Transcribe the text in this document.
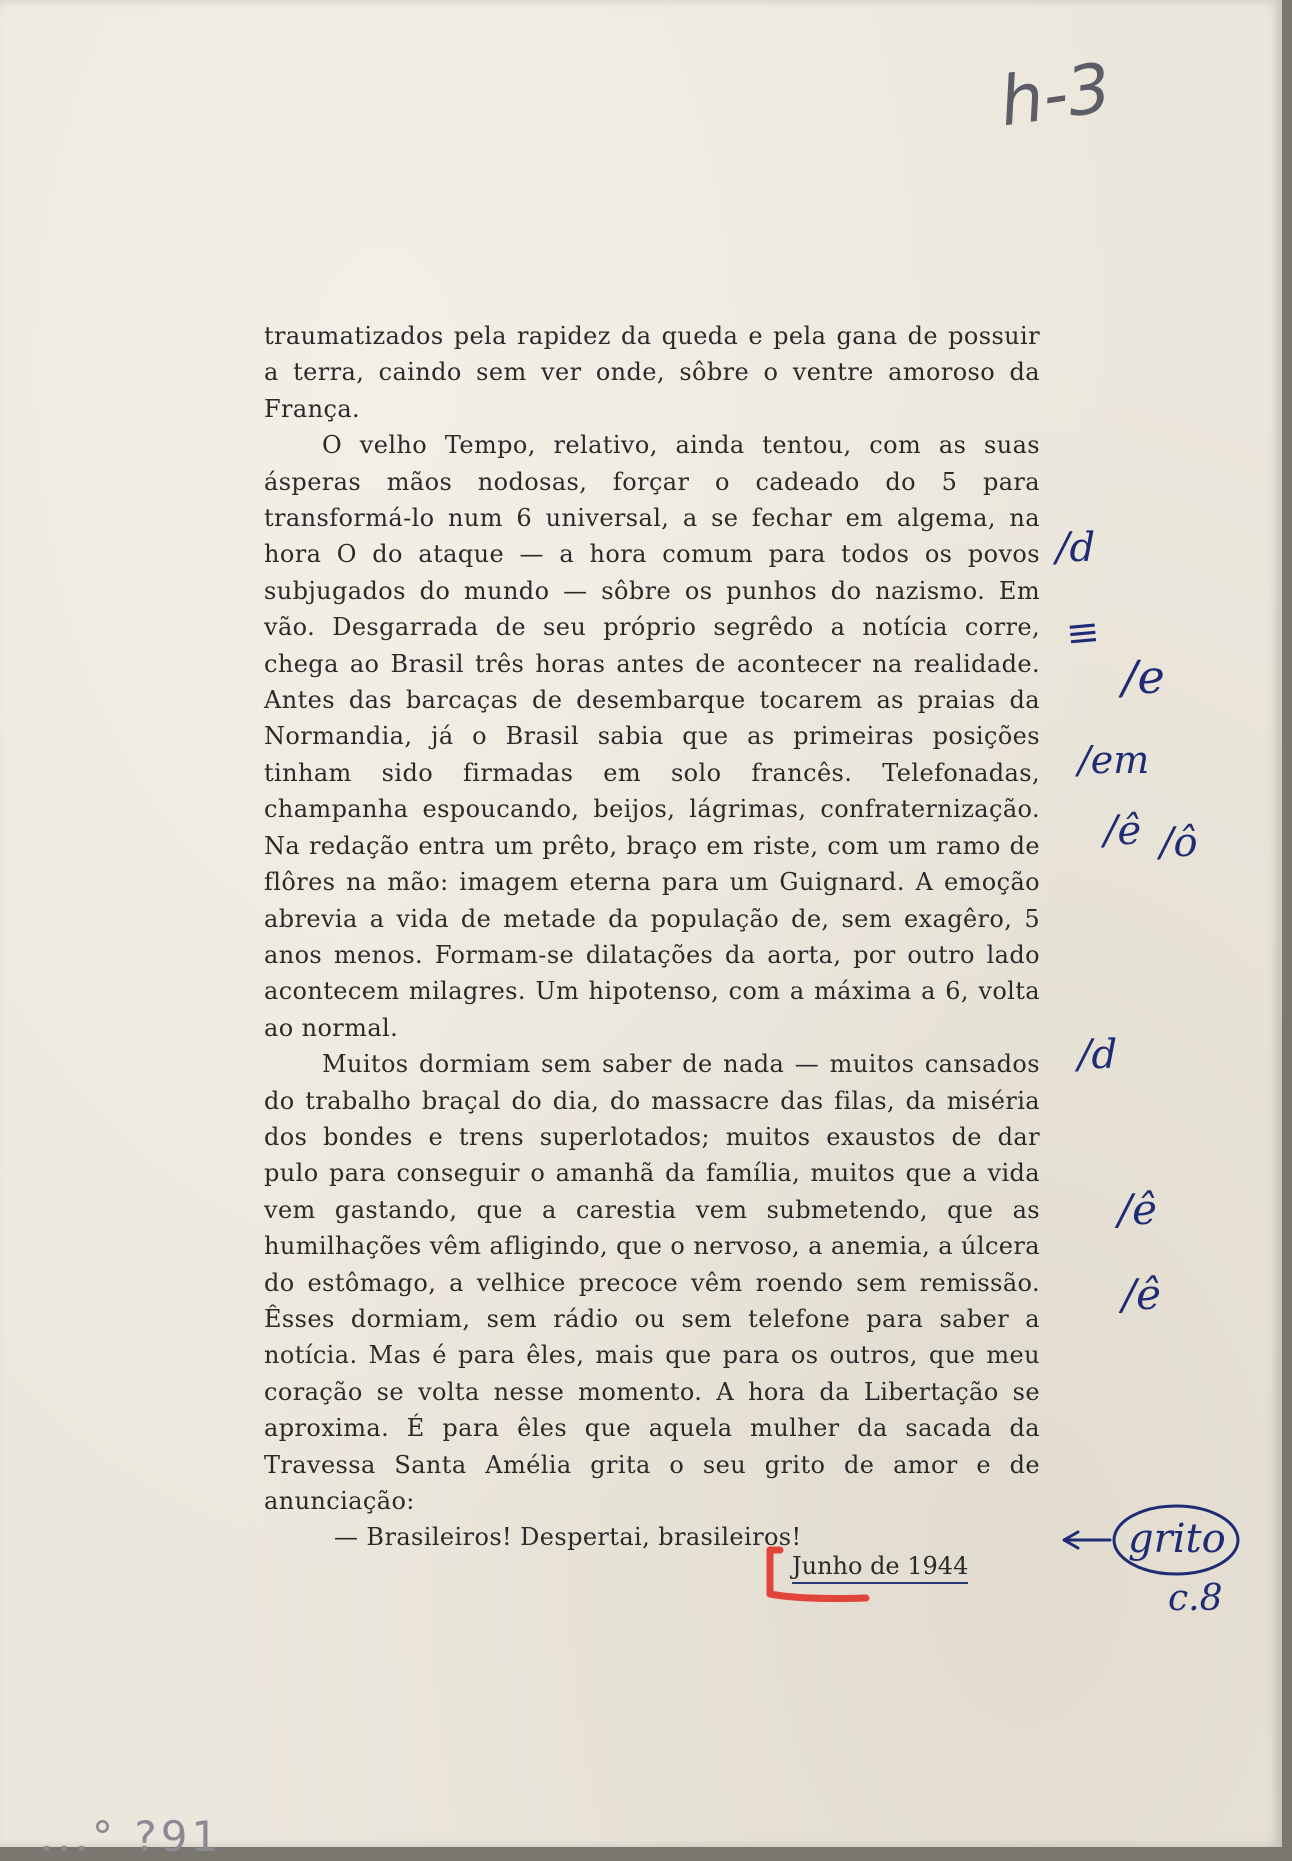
h-3

traumatizados pela rapidez da queda e pela gana de possuir a terra, caindo sem ver onde, sôbre o ventre amoroso da França.

O velho Tempo, relativo, ainda tentou, com as suas ásperas mãos nodosas, forçar o cadeado do 5 para transformá-lo num 6 universal, a se fechar em algema, na hora O do ataque — a hora comum para todos os povos subjugados do mundo — sôbre os punhos do nazismo. Em vão. Desgarrada de seu próprio segrêdo a notícia corre, chega ao Brasil três horas antes de acontecer na realidade. Antes das barcaças de desembarque tocarem as praias da Normandia, já o Brasil sabia que as primeiras posições tinham sido firmadas em solo francês. Telefonadas, champanha espoucando, beijos, lágrimas, confraternização. Na redação entra um prêto, braço em riste, com um ramo de flôres na mão: imagem eterna para um Guignard. A emoção abrevia a vida de metade da população de, sem exagêro, 5 anos menos. Formam-se dilatações da aorta, por outro lado acontecem milagres. Um hipotenso, com a máxima a 6, volta ao normal.

Muitos dormiam sem saber de nada — muitos cansados do trabalho braçal do dia, do massacre das filas, da miséria dos bondes e trens superlotados; muitos exaustos de dar pulo para conseguir o amanhã da família, muitos que a vida vem gastando, que a carestia vem submetendo, que as humilhações vêm afligindo, que o nervoso, a anemia, a úlcera do estômago, a velhice precoce vêm roendo sem remissão. Êsses dormiam, sem rádio ou sem telefone para saber a notícia. Mas é para êles, mais que para os outros, que meu coração se volta nesse momento. A hora da Libertação se aproxima. É para êles que aquela mulher da sacada da Travessa Santa Amélia grita o seu grito de amor e de anunciação:

— Brasileiros! Despertai, brasileiros!

Junho de 1944
/d
≡
/e
/em
/ê /ô
/d
/ê
/ê
grito
c.8
...° ?91
